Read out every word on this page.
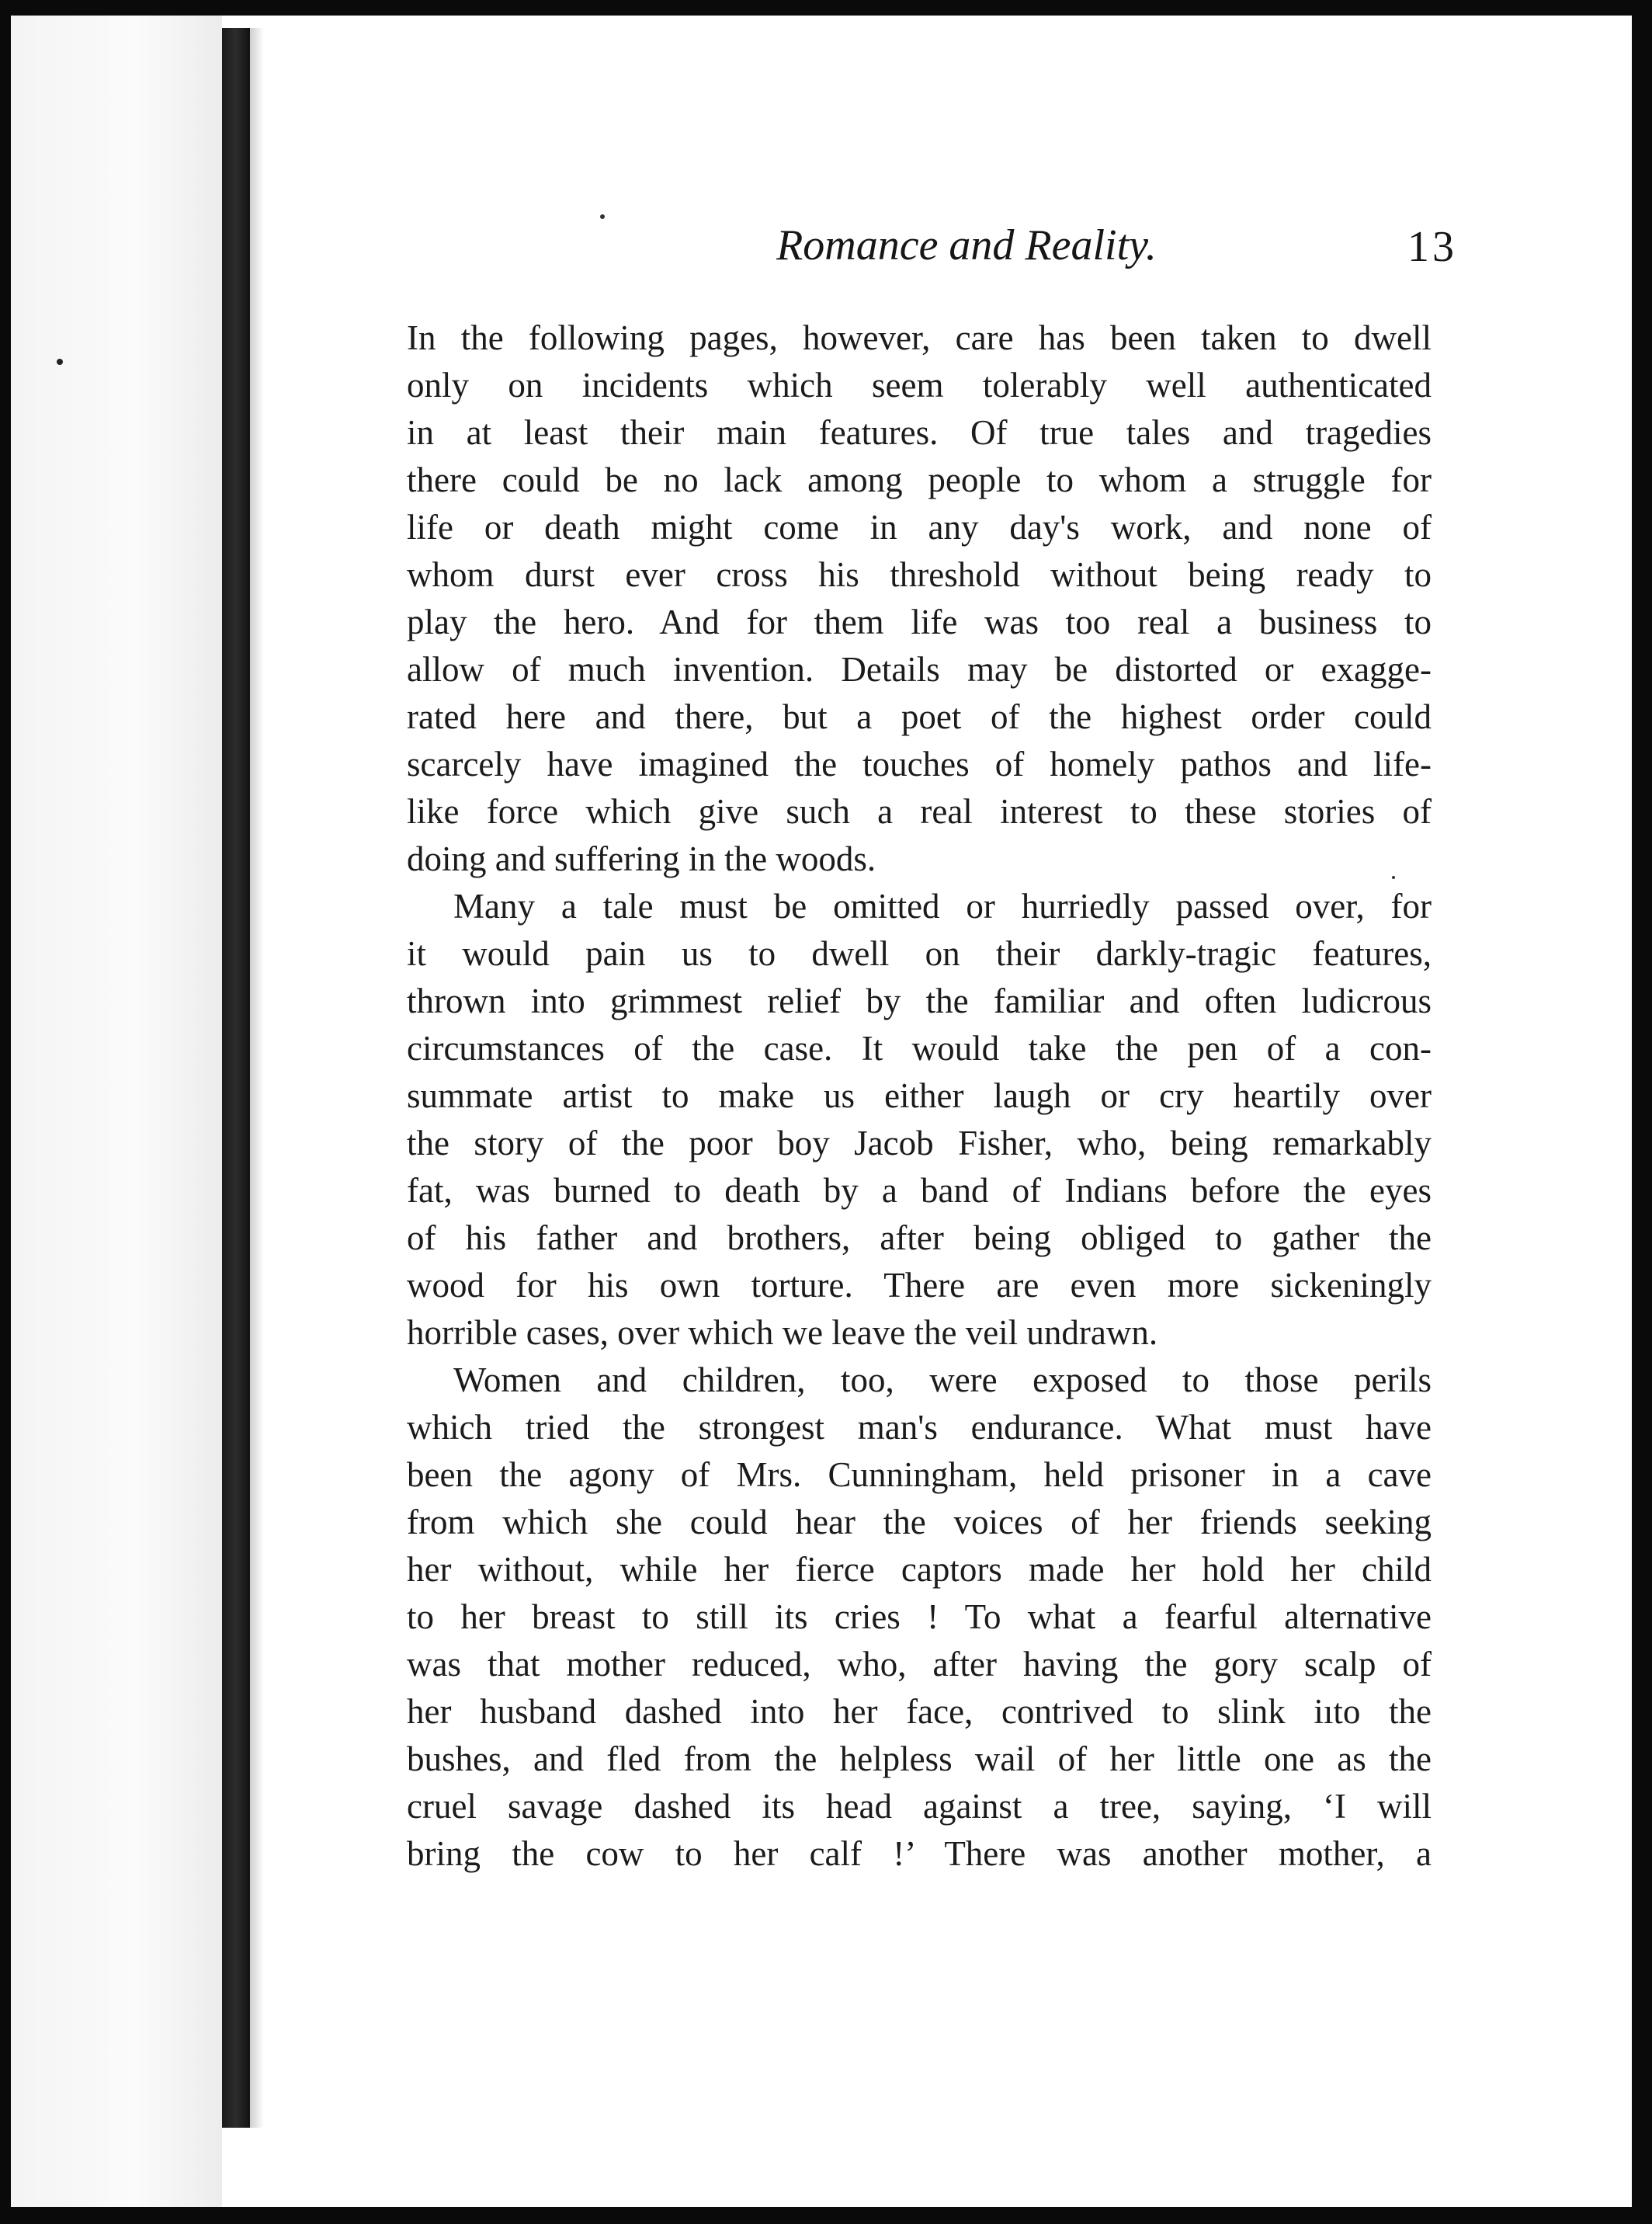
Romance and Reality.	13
In the following pages, however, care has been taken to dwell
only on incidents which seem tolerably well authenticated
in at least their main features. Of true tales and tragedies
there could be no lack among people to whom a struggle for
life or death might come in any day's work, and none of
whom durst ever cross his threshold without being ready to
play the hero. And for them life was too real a business to
allow of much invention. Details may be distorted or exagge-
rated here and there, but a poet of the highest order could
scarcely have imagined the touches of homely pathos and life-
like force which give such a real interest to these stories of
doing and suffering in the woods.
Many a tale must be omitted or hurriedly passed over, for
it would pain us to dwell on their darkly-tragic features,
thrown into grimmest relief by the familiar and often ludicrous
circumstances of the case. It would take the pen of a con-
summate artist to make us either laugh or cry heartily over
the story of the poor boy Jacob Fisher, who, being remarkably
fat, was burned to death by a band of Indians before the eyes
of his father and brothers, after being obliged to gather the
wood for his own torture. There are even more sickeningly
horrible cases, over which we leave the veil undrawn.
Women and children, too, were exposed to those perils
which tried the strongest man's endurance. What must have
been the agony of Mrs. Cunningham, held prisoner in a cave
from which she could hear the voices of her friends seeking
her without, while her fierce captors made her hold her child
to her breast to still its cries ! To what a fearful alternative
was that mother reduced, who, after having the gory scalp of
her husband dashed into her face, contrived to slink iıto the
bushes, and fled from the helpless wail of her little one as the
cruel savage dashed its head against a tree, saying, ‘I will
bring the cow to her calf !’ There was another mother, a
